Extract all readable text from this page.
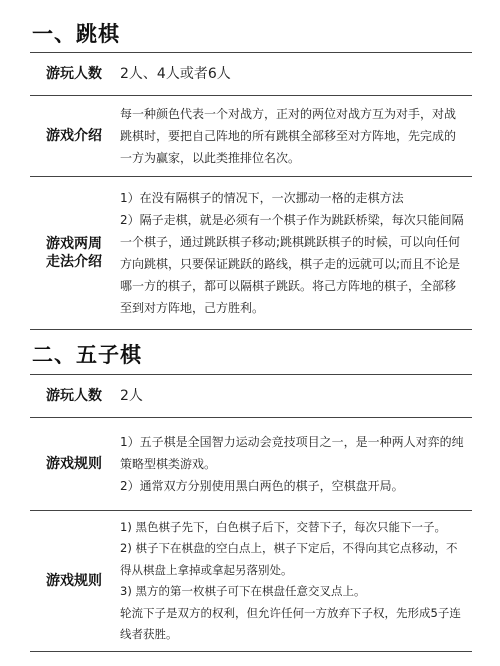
一、跳棋
游玩人数	2人、4人或者6人

游戏介绍

每一种颜色代表一个对战方，正对的两位对战方互为对手，对战跳棋时，要把自己阵地的所有跳棋全部移至对方阵地，先完成的一方为赢家，以此类推排位名次。

游戏两周
走法介绍

1）在没有隔棋子的情况下，一次挪动一格的走棋方法

2）隔子走棋，就是必须有一个棋子作为跳跃桥梁，每次只能间隔一个棋子，通过跳跃棋子移动;跳棋跳跃棋子的时候，可以向任何方向跳棋，只要保证跳跃的路线，棋子走的远就可以;而且不论是哪一方的棋子，都可以隔棋子跳跃。将己方阵地的棋子，全部移至到对方阵地，己方胜利。

二、五子棋
游玩人数	2人

游戏规则

1）五子棋是全国智力运动会竞技项目之一，是一种两人对弈的纯策略型棋类游戏。

2）通常双方分别使用黑白两色的棋子，空棋盘开局。

游戏规则

1) 黑色棋子先下，白色棋子后下，交替下子，每次只能下一子。

2) 棋子下在棋盘的空白点上，棋子下定后，不得向其它点移动，不得从棋盘上拿掉或拿起另落别处。

3) 黑方的第一枚棋子可下在棋盘任意交叉点上。

轮流下子是双方的权利，但允许任何一方放弃下子权，先形成5子连线者获胜。
